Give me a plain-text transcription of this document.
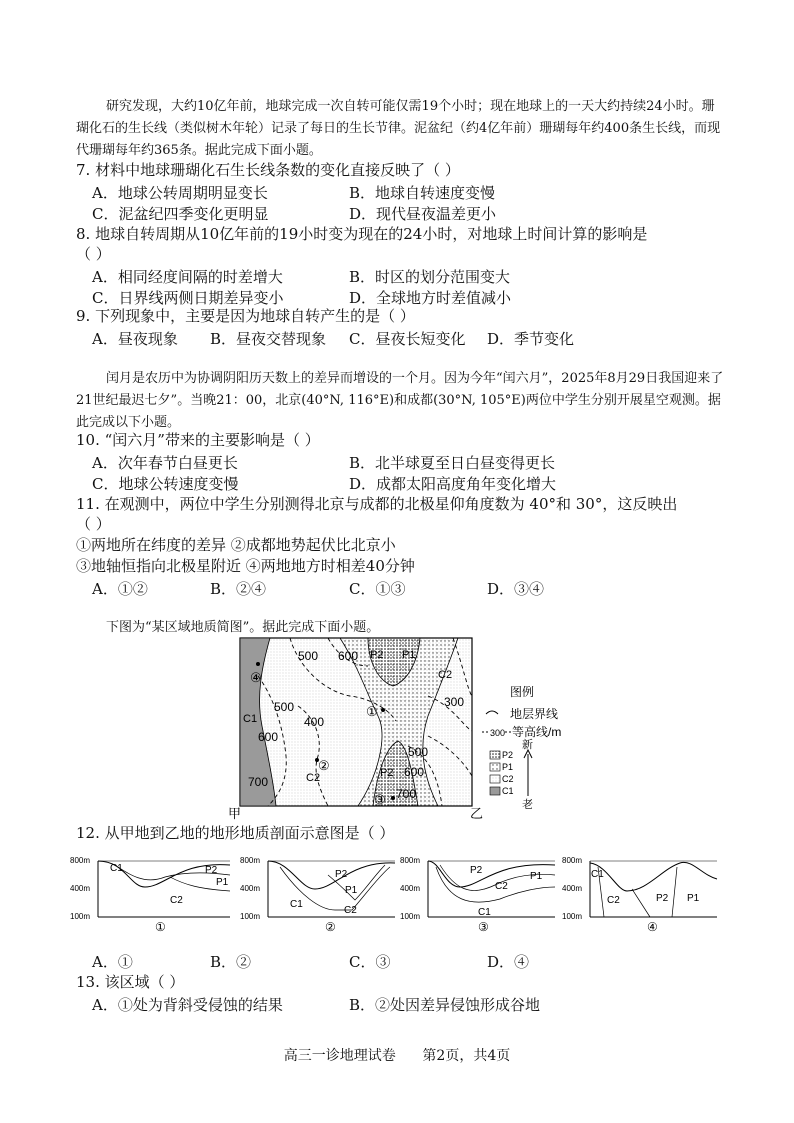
研究发现，大约10亿年前，地球完成一次自转可能仅需19个小时；现在地球上的一天大约持续24小时。珊瑚化石的生长线（类似树木年轮）记录了每日的生长节律。泥盆纪（约4亿年前）珊瑚每年约400条生长线，而现代珊瑚每年约365条。据此完成下面小题。
7. 材料中地球珊瑚化石生长线条数的变化直接反映了（ ）
A．地球公转周期明显变长	B．地球自转速度变慢
C．泥盆纪四季变化更明显	D．现代昼夜温差更小
8. 地球自转周期从10亿年前的19小时变为现在的24小时，对地球上时间计算的影响是
（ ）
A．相同经度间隔的时差增大	B．时区的划分范围变大
C．日界线两侧日期差异变小	D．全球地方时差值减小
9. 下列现象中，主要是因为地球自转产生的是（ ）
A．昼夜现象 B．昼夜交替现象 C．昼夜长短变化 D．季节变化
闰月是农历中为协调阴阳历天数上的差异而增设的一个月。因为今年“闰六月”，2025年8月29日我国迎来了21世纪最迟七夕”。当晚21：00，北京(40°N, 116°E)和成都(30°N, 105°E)两位中学生分别开展星空观测。据此完成以下小题。
10. “闰六月”带来的主要影响是（ ）
A．次年春节白昼更长	B．北半球夏至日白昼变得更长
C．地球公转速度变慢	D．成都太阳高度角年变化增大
11. 在观测中，两位中学生分别测得北京与成都的北极星仰角度数为 40°和 30°，这反映出
（ ）
①两地所在纬度的差异 ②成都地势起伏比北京小
③地轴恒指向北极星附近 ④两地地方时相差40分钟
A．①②	B．②④	C．①③	D．③④
下图为“某区域地质简图”。据此完成下面小题。
500 600
500
400
600
700
300
500
600
700
P2 P1
C2
C1
C2	P2
①
②
③
④
甲	乙
图例
地层界线
300 等高线/m
P2
P1
C2
C1
新
老
12. 从甲地到乙地的地形地质剖面示意图是（ ）
800m
400m
100m
C1	P2
P1
C2
①
800m
400m
100m
P2
P1
C1
C2
②
800m
400m
100m
P2
P1
C2
C1
③
800m
400m
100m
C1
C2	P2 P1
④
A．①	B．②	C．③	D．④
13. 该区域（ ）
A．①处为背斜受侵蚀的结果	B．②处因差异侵蚀形成谷地
高三一诊地理试卷      第2页，共4页
